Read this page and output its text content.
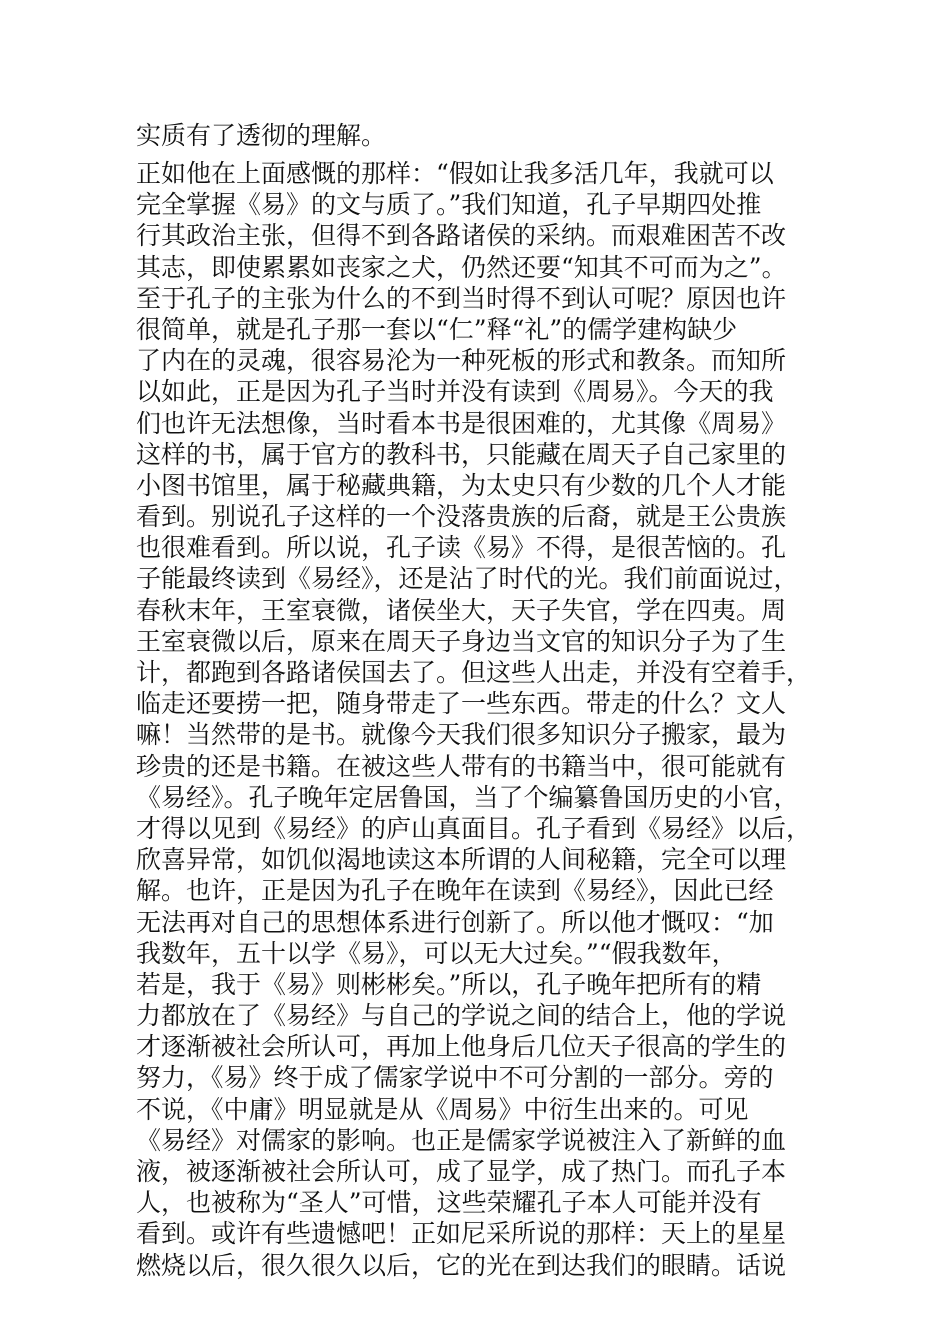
实质有了透彻的理解。
正如他在上面感慨的那样：“假如让我多活几年，我就可以
完全掌握《易》的文与质了。”我们知道，孔子早期四处推
行其政治主张，但得不到各路诸侯的采纳。而艰难困苦不改
其志，即使累累如丧家之犬，仍然还要“知其不可而为之”。
至于孔子的主张为什么的不到当时得不到认可呢？原因也许
很简单，就是孔子那一套以“仁”释“礼”的儒学建构缺少
了内在的灵魂，很容易沦为一种死板的形式和教条。而知所
以如此，正是因为孔子当时并没有读到《周易》。今天的我
们也许无法想像，当时看本书是很困难的，尤其像《周易》
这样的书，属于官方的教科书，只能藏在周天子自己家里的
小图书馆里，属于秘藏典籍，为太史只有少数的几个人才能
看到。别说孔子这样的一个没落贵族的后裔，就是王公贵族
也很难看到。所以说，孔子读《易》不得，是很苦恼的。孔
子能最终读到《易经》，还是沾了时代的光。我们前面说过，
春秋末年，王室衰微，诸侯坐大，天子失官，学在四夷。周
王室衰微以后，原来在周天子身边当文官的知识分子为了生
计，都跑到各路诸侯国去了。但这些人出走，并没有空着手，
临走还要捞一把，随身带走了一些东西。带走的什么？文人
嘛！当然带的是书。就像今天我们很多知识分子搬家，最为
珍贵的还是书籍。在被这些人带有的书籍当中，很可能就有
《易经》。孔子晚年定居鲁国，当了个编纂鲁国历史的小官，
才得以见到《易经》的庐山真面目。孔子看到《易经》以后，
欣喜异常，如饥似渴地读这本所谓的人间秘籍，完全可以理
解。也许，正是因为孔子在晚年在读到《易经》，因此已经
无法再对自己的思想体系进行创新了。所以他才慨叹：“加
我数年，五十以学《易》，可以无大过矣。”“假我数年，
若是，我于《易》则彬彬矣。”所以，孔子晚年把所有的精
力都放在了《易经》与自己的学说之间的结合上，他的学说
才逐渐被社会所认可，再加上他身后几位天子很高的学生的
努力，《易》终于成了儒家学说中不可分割的一部分。旁的
不说，《中庸》明显就是从《周易》中衍生出来的。可见
《易经》对儒家的影响。也正是儒家学说被注入了新鲜的血
液，被逐渐被社会所认可，成了显学，成了热门。而孔子本
人，也被称为“圣人”可惜，这些荣耀孔子本人可能并没有
看到。或许有些遗憾吧！正如尼采所说的那样：天上的星星
燃烧以后，很久很久以后，它的光在到达我们的眼睛。话说
